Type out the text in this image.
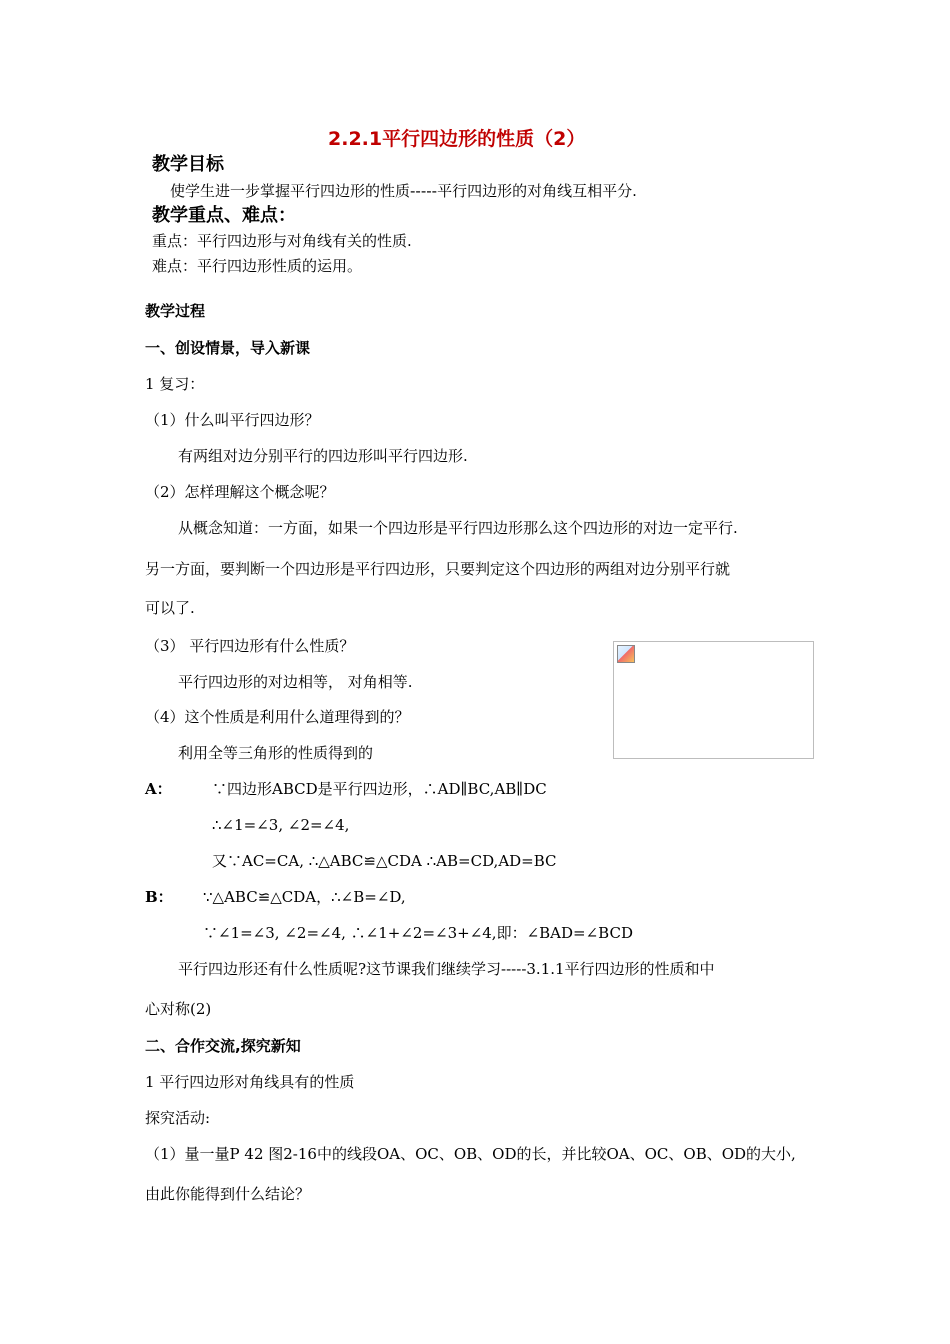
2.2.1平行四边形的性质（2）
教学目标
使学生进一步掌握平行四边形的性质-----平行四边形的对角线互相平分.
教学重点、难点：
重点：平行四边形与对角线有关的性质.
难点：平行四边形性质的运用。
教学过程
一、创设情景，导入新课
1 复习：
（1）什么叫平行四边形？
有两组对边分别平行的四边形叫平行四边形.
（2）怎样理解这个概念呢？
从概念知道：一方面，如果一个四边形是平行四边形那么这个四边形的对边一定平行.
另一方面，要判断一个四边形是平行四边形，只要判定这个四边形的两组对边分别平行就
可以了.
（3） 平行四边形有什么性质？
平行四边形的对边相等， 对角相等.
（4）这个性质是利用什么道理得到的？
利用全等三角形的性质得到的
A：	∵四边形ABCD是平行四边形，∴AD∥BC,AB∥DC
∴∠1=∠3, ∠2=∠4,
又∵AC=CA, ∴△ABC≌△CDA ∴AB=CD,AD=BC
B： ∵△ABC≌△CDA，∴∠B=∠D,
∵∠1=∠3, ∠2=∠4, ∴∠1+∠2=∠3+∠4,即：∠BAD=∠BCD
平行四边形还有什么性质呢?这节课我们继续学习-----3.1.1平行四边形的性质和中
心对称(2)
二、合作交流,探究新知
1 平行四边形对角线具有的性质
探究活动:
（1）量一量P 42 图2-16中的线段OA、OC、OB、OD的长，并比较OA、OC、OB、OD的大小,
由此你能得到什么结论？
